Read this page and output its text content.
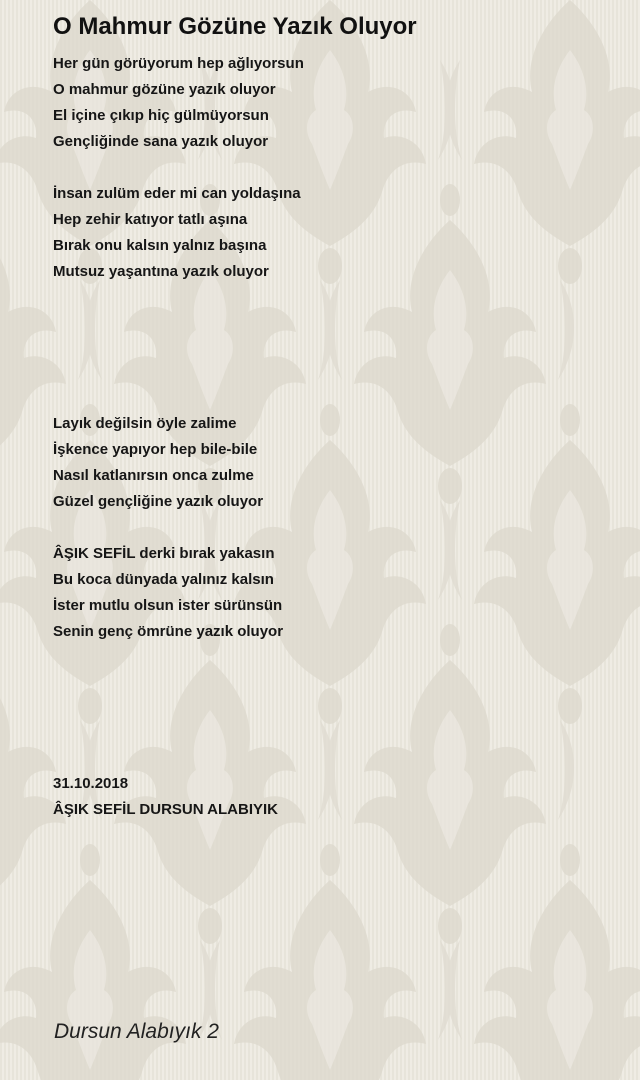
O Mahmur Gözüne Yazık Oluyor
Her gün görüyorum hep ağlıyorsun
O mahmur gözüne yazık oluyor
El içine çıkıp hiç gülmüyorsun
Gençliğinde sana yazık oluyor
İnsan zulüm eder mi can yoldaşına
Hep zehir katıyor tatlı aşına
Bırak onu kalsın yalnız başına
Mutsuz yaşantına yazık oluyor
Layık değilsin öyle zalime
İşkence yapıyor hep bile-bile
Nasıl katlanırsın onca zulme
Güzel gençliğine yazık oluyor
ÂŞIK SEFİL derki bırak yakasın
Bu koca dünyada yalınız kalsın
İster mutlu olsun ister sürünsün
Senin genç ömrüne yazık oluyor
31.10.2018
ÂŞIK SEFİL DURSUN ALABIYIK
Dursun Alabıyık 2
